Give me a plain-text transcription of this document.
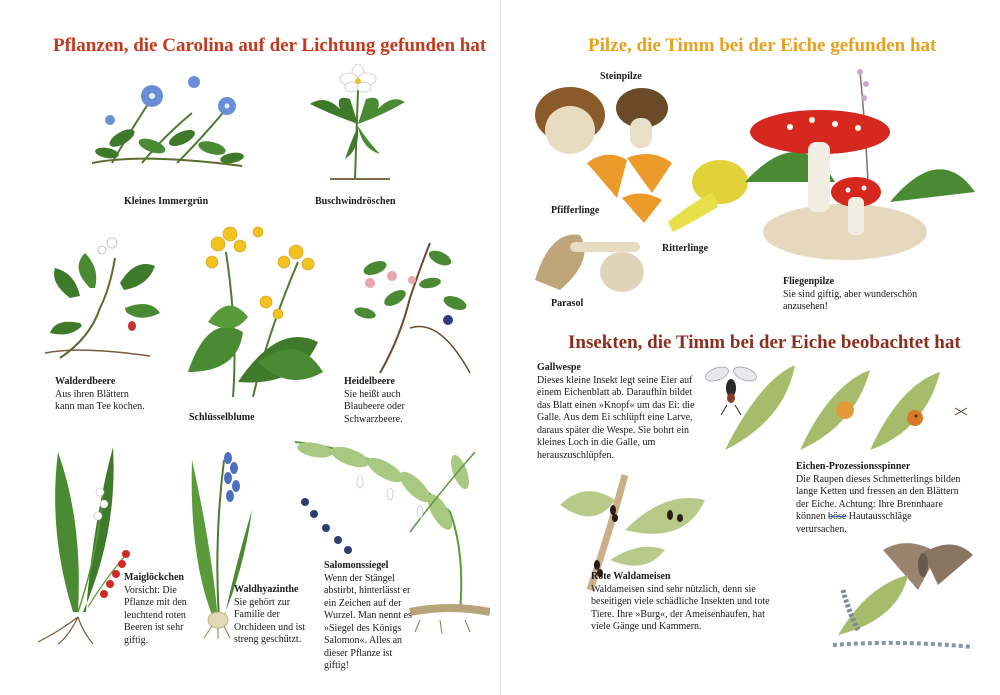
Pflanzen, die Carolina auf der Lichtung gefunden hat
Kleines Immergrün	Buschwindröschen
Walderdbeere
Aus ihren Blättern kann man Tee kochen.
Schlüsselblume
Heidelbeere
Sie heißt auch Blaubeere oder Schwarzbeere.
Maiglöckchen
Vorsicht: Die Pflanze mit den leuchtend roten Beeren ist sehr giftig.
Waldhyazinthe
Sie gehört zur Familie der Orchideen und ist streng geschützt.
Salomonssiegel
Wenn der Stängel abstirbt, hinterlässt er ein Zeichen auf der Wurzel. Man nennt es »Siegel des Königs Salomon«. Alles an dieser Pflanze ist giftig!
Pilze, die Timm bei der Eiche gefunden hat
Steinpilze
Pfifferlinge
Ritterlinge
Parasol
Fliegenpilze
Sie sind giftig, aber wunderschön anzusehen!
Insekten, die Timm bei der Eiche beobachtet hat
Gallwespe
Dieses kleine Insekt legt seine Eier auf einem Eichenblatt ab. Daraufhin bildet das Blatt einen »Knopf« um das Ei: die Galle. Aus dem Ei schlüpft eine Larve, daraus später die Wespe. Sie bohrt ein kleines Loch in die Galle, um herauszuschlüpfen.
Eichen-Prozessionsspinner
Die Raupen dieses Schmetterlings bilden lange Ketten und fressen an den Blättern der Eiche. Achtung: Ihre Brennhaare können böse Hautausschläge verursachen.
Rote Waldameisen
Waldameisen sind sehr nützlich, denn sie beseitigen viele schädliche Insekten und tote Tiere. Ihre »Burg«, der Ameisenhaufen, hat viele Gänge und Kammern.
